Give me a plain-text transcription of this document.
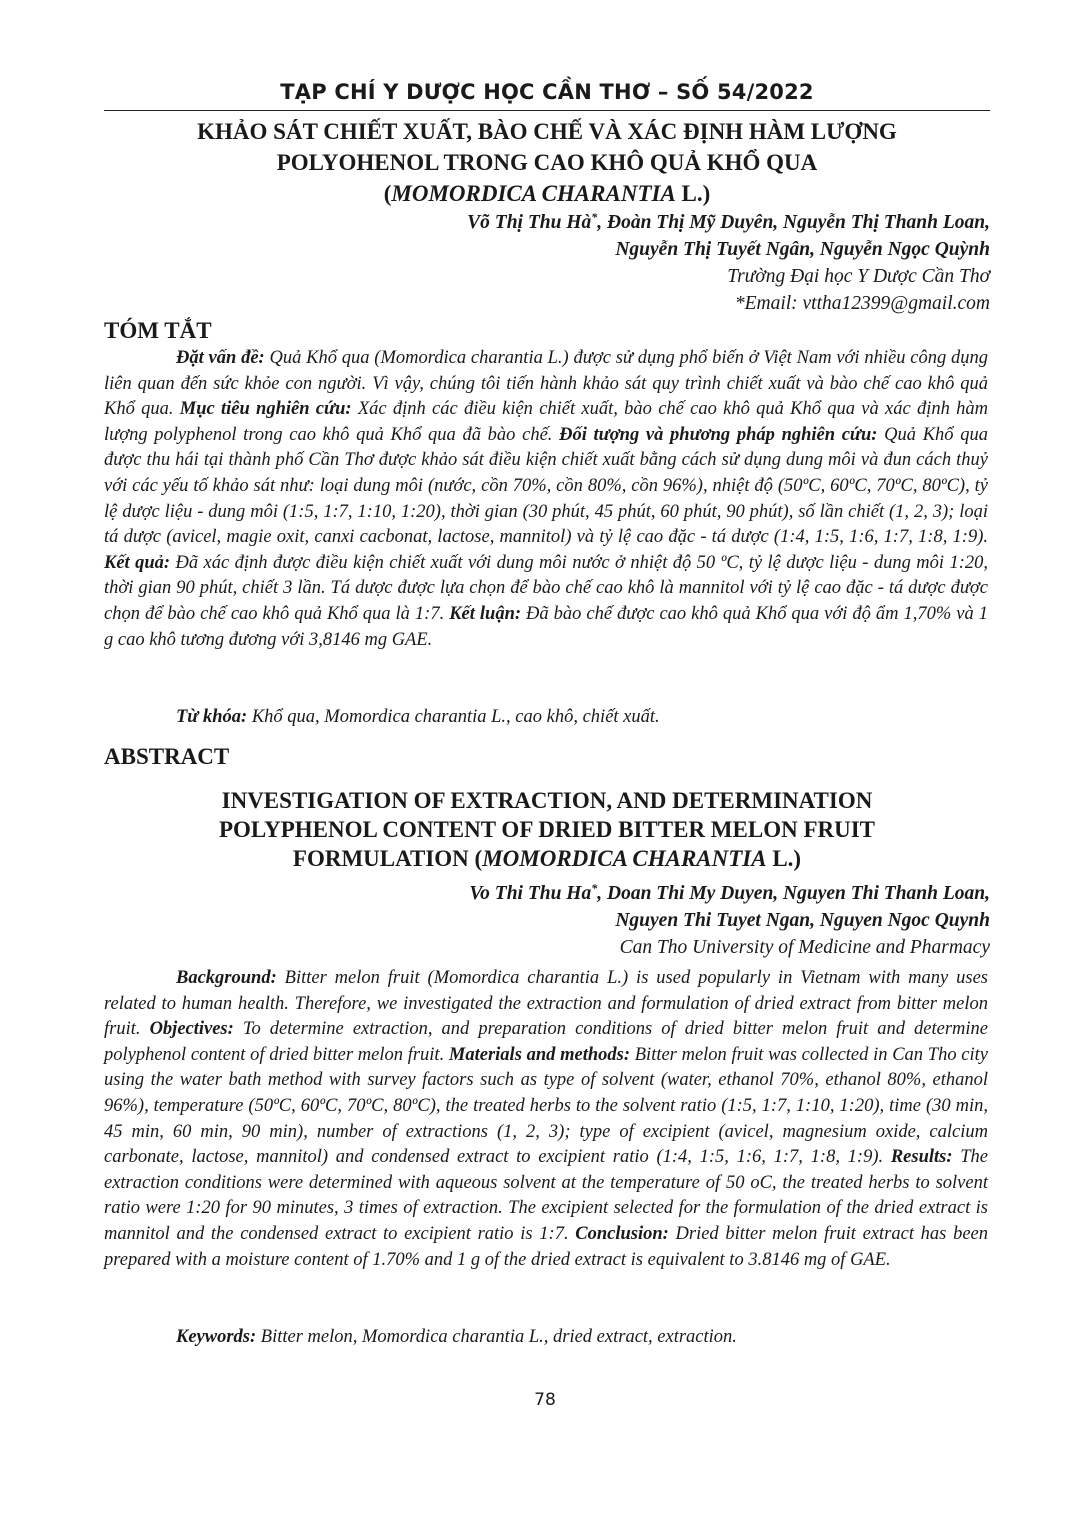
TẠP CHÍ Y DƯỢC HỌC CẦN THƠ – SỐ 54/2022
KHẢO SÁT CHIẾT XUẤT, BÀO CHẾ VÀ XÁC ĐỊNH HÀM LƯỢNG
POLYOHENOL TRONG CAO KHÔ QUẢ KHỔ QUA
(MOMORDICA CHARANTIA L.)
Võ Thị Thu Hà*, Đoàn Thị Mỹ Duyên, Nguyễn Thị Thanh Loan,
Nguyễn Thị Tuyết Ngân, Nguyễn Ngọc Quỳnh
Trường Đại học Y Dược Cần Thơ
*Email: vttha12399@gmail.com
TÓM TẮT
Đặt vấn đề: Quả Khổ qua (Momordica charantia L.) được sử dụng phổ biến ở Việt Nam với nhiều công dụng liên quan đến sức khỏe con người. Vì vậy, chúng tôi tiến hành khảo sát quy trình chiết xuất và bào chế cao khô quả Khổ qua. Mục tiêu nghiên cứu: Xác định các điều kiện chiết xuất, bào chế cao khô quả Khổ qua và xác định hàm lượng polyphenol trong cao khô quả Khổ qua đã bào chế. Đối tượng và phương pháp nghiên cứu: Quả Khổ qua được thu hái tại thành phố Cần Thơ được khảo sát điều kiện chiết xuất bằng cách sử dụng dung môi và đun cách thuỷ với các yếu tố khảo sát như: loại dung môi (nước, cồn 70%, cồn 80%, cồn 96%), nhiệt độ (50ºC, 60ºC, 70ºC, 80ºC), tỷ lệ dược liệu - dung môi (1:5, 1:7, 1:10, 1:20), thời gian (30 phút, 45 phút, 60 phút, 90 phút), số lần chiết (1, 2, 3); loại tá dược (avicel, magie oxit, canxi cacbonat, lactose, mannitol) và tỷ lệ cao đặc - tá dược (1:4, 1:5, 1:6, 1:7, 1:8, 1:9). Kết quả: Đã xác định được điều kiện chiết xuất với dung môi nước ở nhiệt độ 50 ºC, tỷ lệ dược liệu - dung môi 1:20, thời gian 90 phút, chiết 3 lần. Tá dược được lựa chọn để bào chế cao khô là mannitol với tỷ lệ cao đặc - tá dược được chọn để bào chế cao khô quả Khổ qua là 1:7. Kết luận: Đã bào chế được cao khô quả Khổ qua với độ ẩm 1,70% và 1 g cao khô tương đương với 3,8146 mg GAE.
Từ khóa: Khổ qua, Momordica charantia L., cao khô, chiết xuất.
ABSTRACT
INVESTIGATION OF EXTRACTION, AND DETERMINATION
POLYPHENOL CONTENT OF DRIED BITTER MELON FRUIT
FORMULATION (MOMORDICA CHARANTIA L.)
Vo Thi Thu Ha*, Doan Thi My Duyen, Nguyen Thi Thanh Loan,
Nguyen Thi Tuyet Ngan, Nguyen Ngoc Quynh
Can Tho University of Medicine and Pharmacy
Background: Bitter melon fruit (Momordica charantia L.) is used popularly in Vietnam with many uses related to human health. Therefore, we investigated the extraction and formulation of dried extract from bitter melon fruit. Objectives: To determine extraction, and preparation conditions of dried bitter melon fruit and determine polyphenol content of dried bitter melon fruit. Materials and methods: Bitter melon fruit was collected in Can Tho city using the water bath method with survey factors such as type of solvent (water, ethanol 70%, ethanol 80%, ethanol 96%), temperature (50ºC, 60ºC, 70ºC, 80ºC), the treated herbs to the solvent ratio (1:5, 1:7, 1:10, 1:20), time (30 min, 45 min, 60 min, 90 min), number of extractions (1, 2, 3); type of excipient (avicel, magnesium oxide, calcium carbonate, lactose, mannitol) and condensed extract to excipient ratio (1:4, 1:5, 1:6, 1:7, 1:8, 1:9). Results: The extraction conditions were determined with aqueous solvent at the temperature of 50 oC, the treated herbs to solvent ratio were 1:20 for 90 minutes, 3 times of extraction. The excipient selected for the formulation of the dried extract is mannitol and the condensed extract to excipient ratio is 1:7. Conclusion: Dried bitter melon fruit extract has been prepared with a moisture content of 1.70% and 1 g of the dried extract is equivalent to 3.8146 mg of GAE.
Keywords: Bitter melon, Momordica charantia L., dried extract, extraction.
78
